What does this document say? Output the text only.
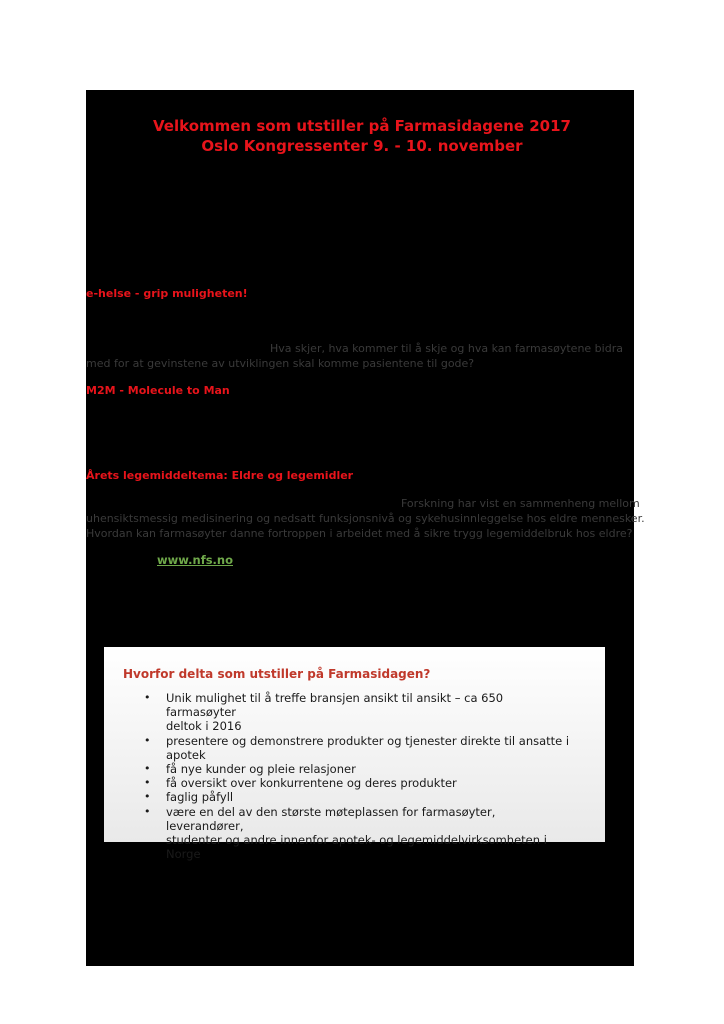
Velkommen som utstiller på Farmasidagene 2017
Oslo Kongressenter 9. - 10. november
e-helse - grip muligheten!
Hva skjer, hva kommer til å skje og hva kan farmasøytene bidra
med for at gevinstene av utviklingen skal komme pasientene til gode?
M2M - Molecule to Man
Årets legemiddeltema: Eldre og legemidler
Forskning har vist en sammenheng mellom
uhensiktsmessig medisinering og nedsatt funksjonsnivå og sykehusinnleggelse hos eldre mennesker.
Hvordan kan farmasøyter danne fortroppen i arbeidet med å sikre trygg legemiddelbruk hos eldre?
www.nfs.no
Hvorfor delta som utstiller på Farmasidagen?
• Unik mulighet til å treffe bransjen ansikt til ansikt – ca 650 farmasøyter
deltok i 2016
• presentere og demonstrere produkter og tjenester direkte til ansatte i
apotek
• få nye kunder og pleie relasjoner
• få oversikt over konkurrentene og deres produkter
• faglig påfyll
• være en del av den største møteplassen for farmasøyter, leverandører,
studenter og andre innenfor apotek- og legemiddelvirksomheten i Norge
